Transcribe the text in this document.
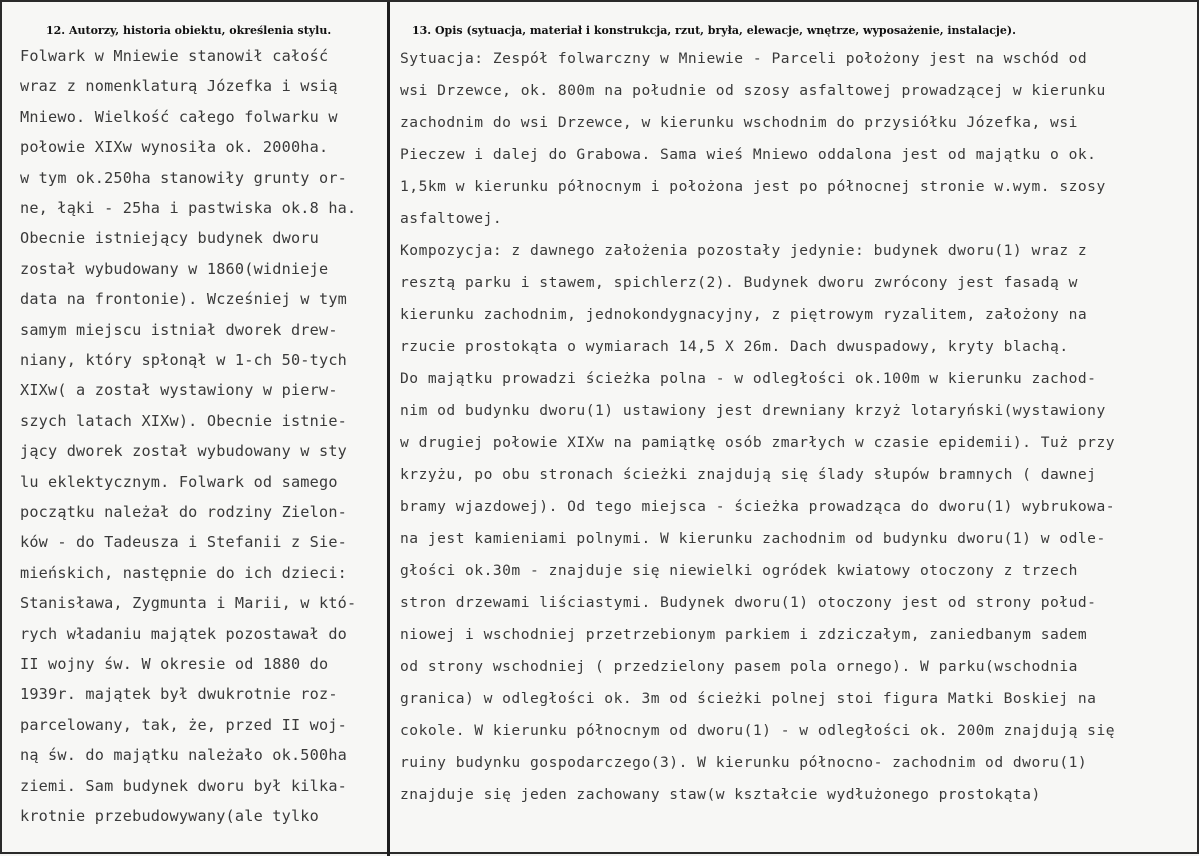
12. Autorzy, historia obiektu, określenia stylu.	13. Opis (sytuacja, materiał i konstrukcja, rzut, bryła, elewacje, wnętrze, wyposażenie, instalacje).
Folwark w Mniewie stanowił całość
wraz z nomenklaturą Józefka i wsią
Mniewo. Wielkość całego folwarku w
połowie XIXw wynosiła ok. 2000ha.
w tym ok.250ha stanowiły grunty or-
ne, łąki - 25ha i pastwiska ok.8 ha.
Obecnie istniejący budynek dworu
został wybudowany w 1860(widnieje
data na frontonie). Wcześniej w tym
samym miejscu istniał dworek drew-
niany, który spłonął w 1-ch 50-tych
XIXw( a został wystawiony w pierw-
szych latach XIXw). Obecnie istnie-
jący dworek został wybudowany w sty
lu eklektycznym. Folwark od samego
początku należał do rodziny Zielon-
ków - do Tadeusza i Stefanii z Sie-
mieńskich, następnie do ich dzieci:
Stanisława, Zygmunta i Marii, w któ-
rych władaniu majątek pozostawał do
II wojny św. W okresie od 1880 do
1939r. majątek był dwukrotnie roz-
parcelowany, tak, że, przed II woj-
ną św. do majątku należało ok.500ha
ziemi. Sam budynek dworu był kilka-
krotnie przebudowywany(ale tylko
Sytuacja: Zespół folwarczny w Mniewie - Parceli położony jest na wschód od
wsi Drzewce, ok. 800m na południe od szosy asfaltowej prowadzącej w kierunku
zachodnim do wsi Drzewce, w kierunku wschodnim do przysiółku Józefka, wsi
Pieczew i dalej do Grabowa. Sama wieś Mniewo oddalona jest od majątku o ok.
1,5km w kierunku północnym i położona jest po północnej stronie w.wym. szosy
asfaltowej.
Kompozycja: z dawnego założenia pozostały jedynie: budynek dworu(1) wraz z
resztą parku i stawem, spichlerz(2). Budynek dworu zwrócony jest fasadą w
kierunku zachodnim, jednokondygnacyjny, z piętrowym ryzalitem, założony na
rzucie prostokąta o wymiarach 14,5 X 26m. Dach dwuspadowy, kryty blachą.
Do majątku prowadzi ścieżka polna - w odległości ok.100m w kierunku zachod-
nim od budynku dworu(1) ustawiony jest drewniany krzyż lotaryński(wystawiony
w drugiej połowie XIXw na pamiątkę osób zmarłych w czasie epidemii). Tuż przy
krzyżu, po obu stronach ścieżki znajdują się ślady słupów bramnych ( dawnej
bramy wjazdowej). Od tego miejsca - ścieżka prowadząca do dworu(1) wybrukowa-
na jest kamieniami polnymi. W kierunku zachodnim od budynku dworu(1) w odle-
głości ok.30m - znajduje się niewielki ogródek kwiatowy otoczony z trzech
stron drzewami liściastymi. Budynek dworu(1) otoczony jest od strony połud-
niowej i wschodniej przetrzebionym parkiem i zdziczałym, zaniedbanym sadem
od strony wschodniej ( przedzielony pasem pola ornego). W parku(wschodnia
granica) w odległości ok. 3m od ścieżki polnej stoi figura Matki Boskiej na
cokole. W kierunku północnym od dworu(1) - w odległości ok. 200m znajdują się
ruiny budynku gospodarczego(3). W kierunku północno- zachodnim od dworu(1)
znajduje się jeden zachowany staw(w kształcie wydłużonego prostokąta)
